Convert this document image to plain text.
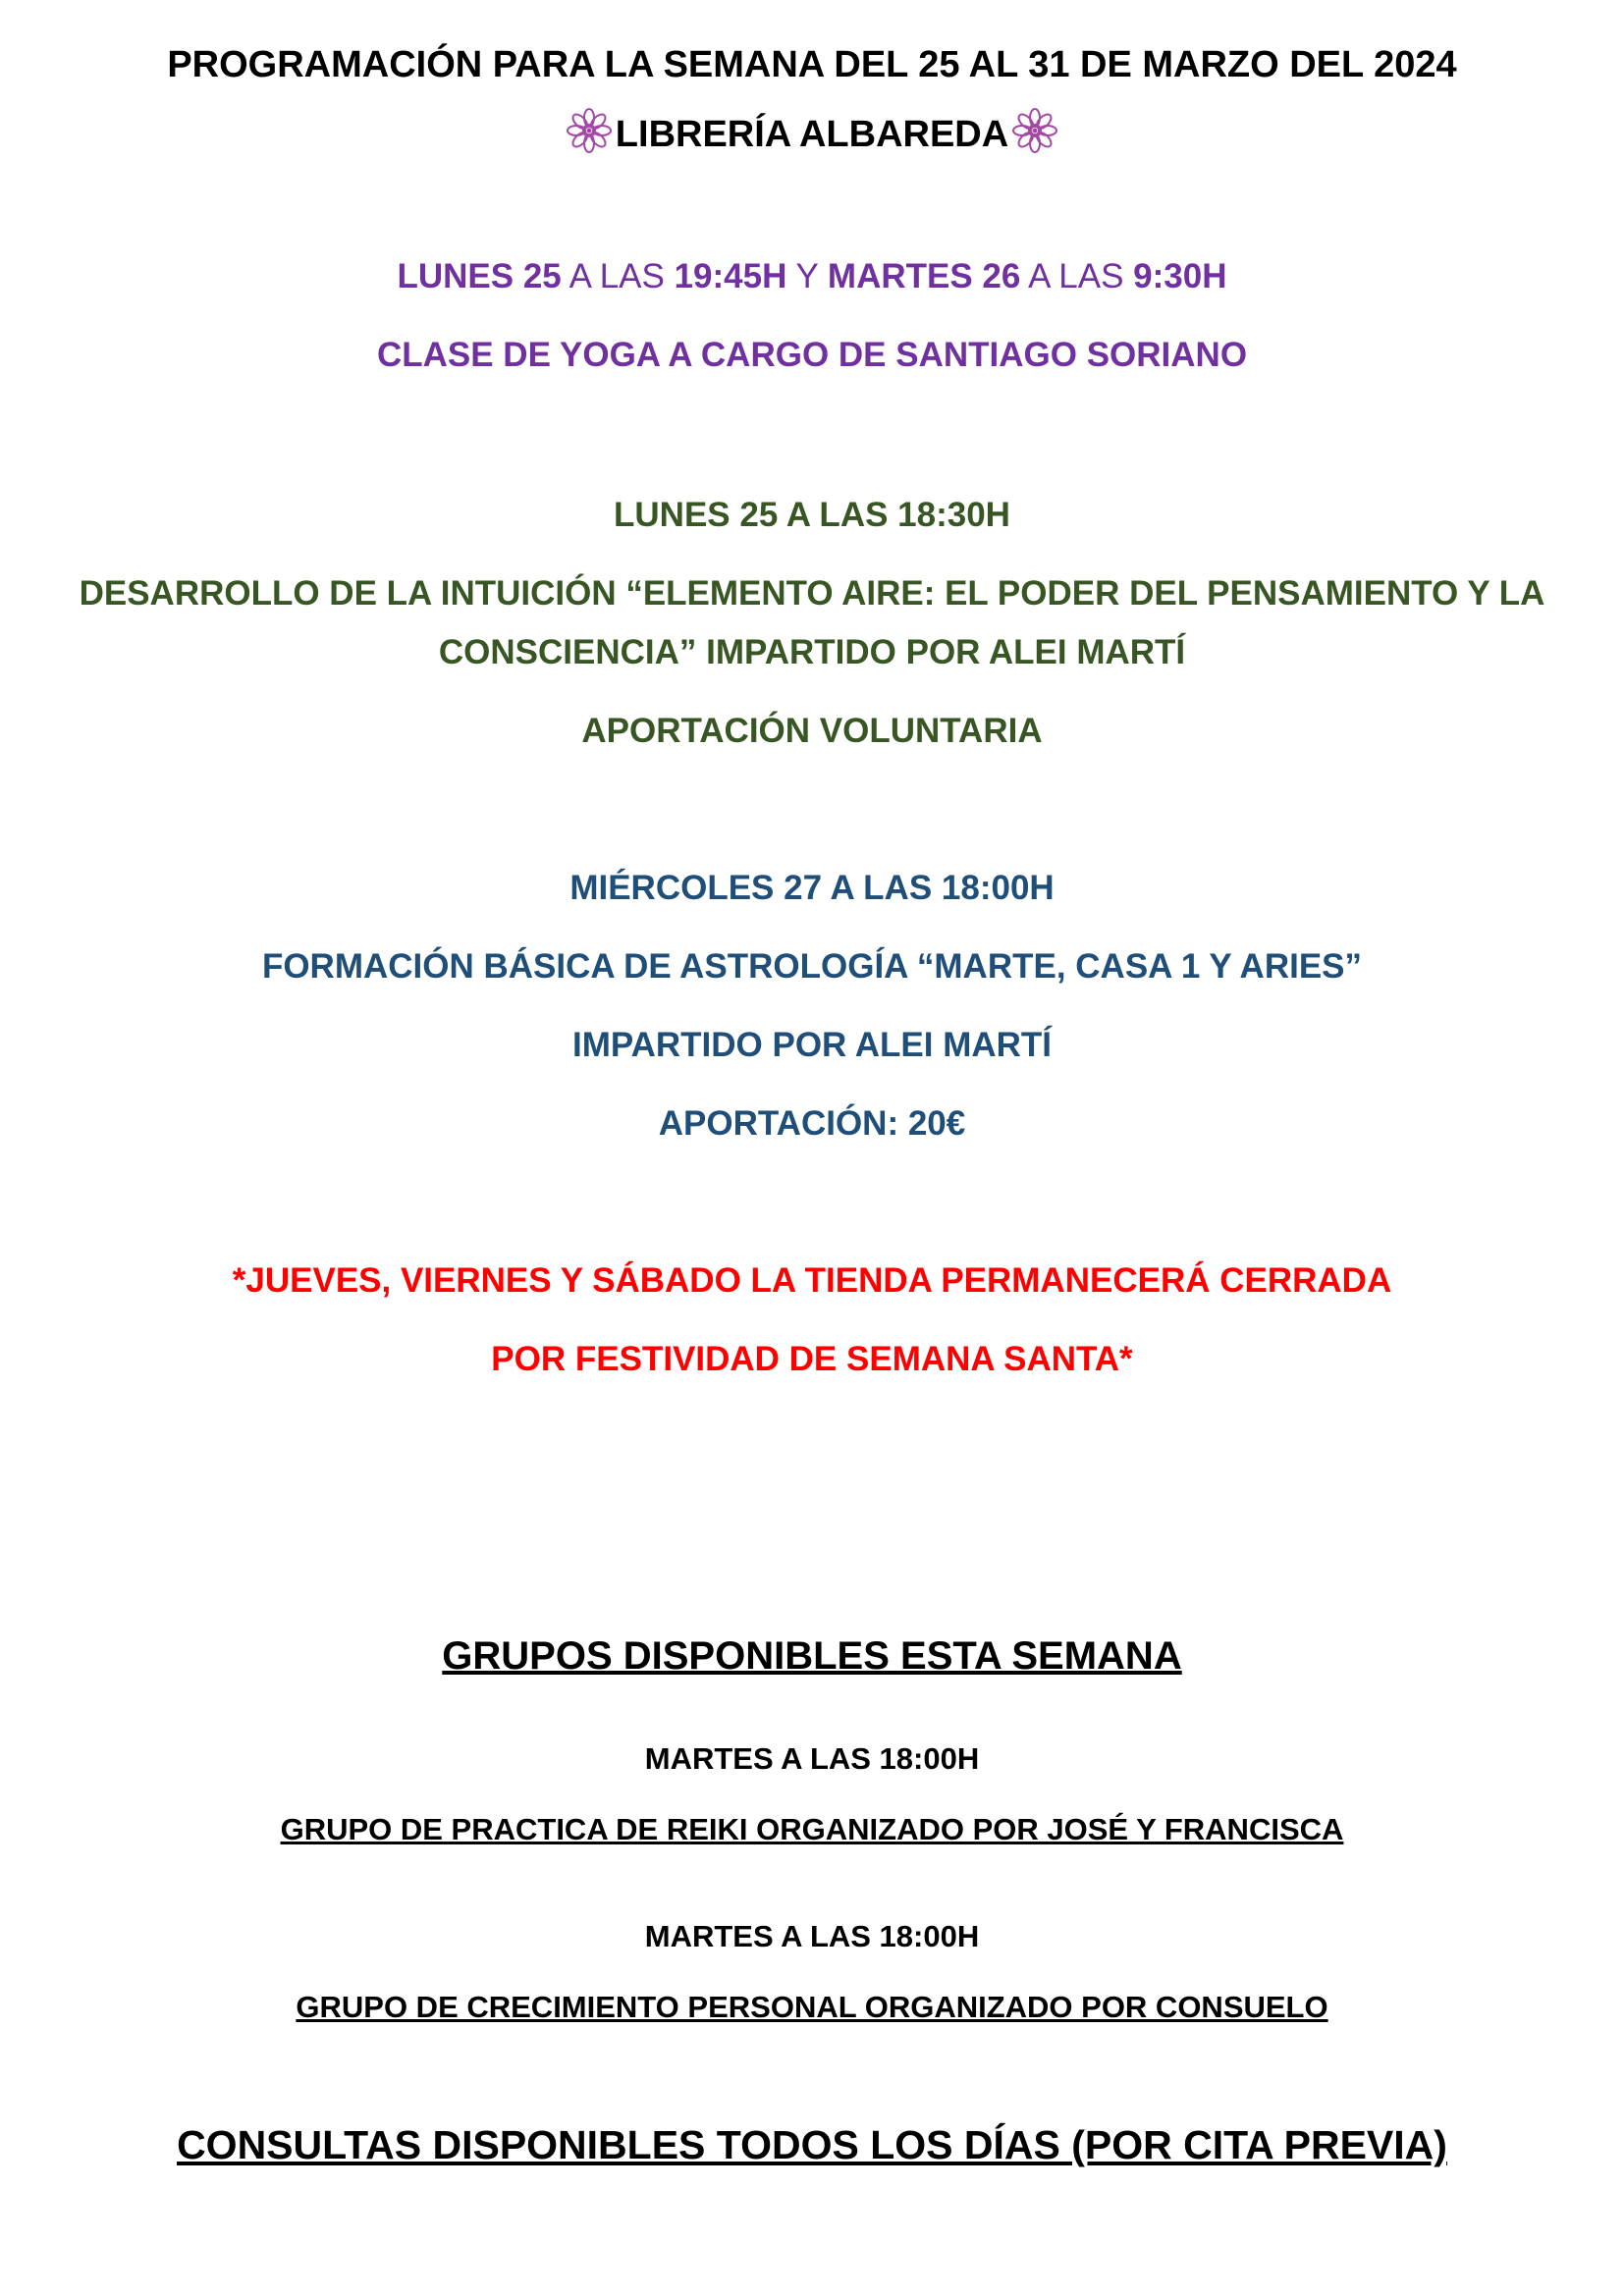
PROGRAMACIÓN PARA LA SEMANA DEL 25 AL 31 DE MARZO DEL 2024
LIBRERÍA ALBAREDA
LUNES 25 A LAS 19:45H Y MARTES 26 A LAS 9:30H
CLASE DE YOGA A CARGO DE SANTIAGO SORIANO
LUNES 25 A LAS 18:30H
DESARROLLO DE LA INTUICIÓN “ELEMENTO AIRE: EL PODER DEL PENSAMIENTO Y LA
CONSCIENCIA” IMPARTIDO POR ALEI MARTÍ
APORTACIÓN VOLUNTARIA
MIÉRCOLES 27 A LAS 18:00H
FORMACIÓN BÁSICA DE ASTROLOGÍA “MARTE, CASA 1 Y ARIES”
IMPARTIDO POR ALEI MARTÍ
APORTACIÓN: 20€
*JUEVES, VIERNES Y SÁBADO LA TIENDA PERMANECERÁ CERRADA
POR FESTIVIDAD DE SEMANA SANTA*
GRUPOS DISPONIBLES ESTA SEMANA
MARTES A LAS 18:00H
GRUPO DE PRACTICA DE REIKI ORGANIZADO POR JOSÉ Y FRANCISCA
MARTES A LAS 18:00H
GRUPO DE CRECIMIENTO PERSONAL ORGANIZADO POR CONSUELO
CONSULTAS DISPONIBLES TODOS LOS DÍAS (POR CITA PREVIA)
